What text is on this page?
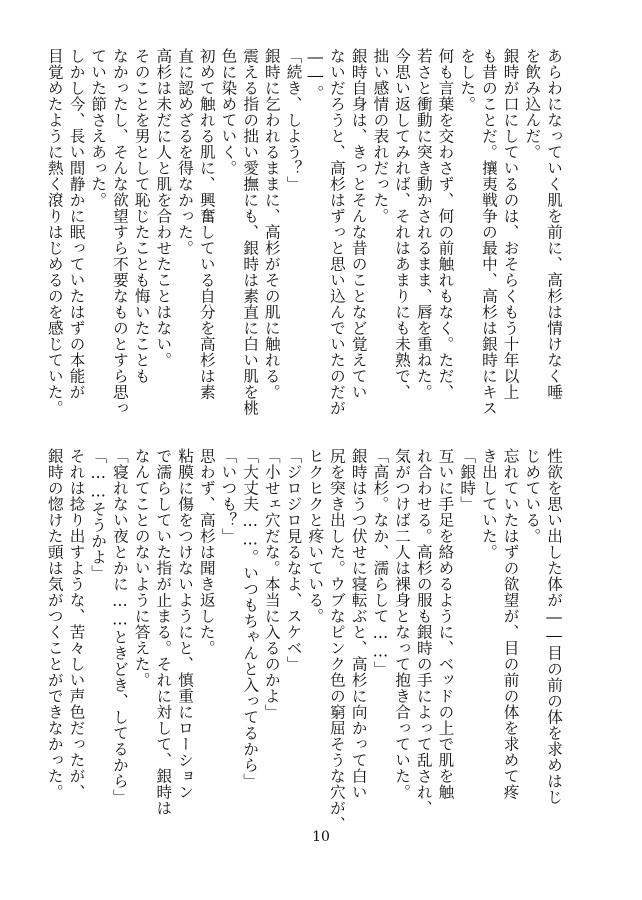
あらわになっていく肌を前に、高杉は情けなく唾
を飲み込んだ。
銀時が口にしているのは、おそらくもう十年以上
も昔のことだ。攘夷戦争の最中、高杉は銀時にキス
をした。
何も言葉を交わさず、何の前触れもなく。ただ、
若さと衝動に突き動かされるまま、唇を重ねた。
今思い返してみれば、それはあまりにも未熟で、
拙い感情の表れだった。
銀時自身は、きっとそんな昔のことなど覚えてい
ないだろうと、高杉はずっと思い込んでいたのだが
――。
「続き、しよう？」
銀時に乞われるままに、高杉がその肌に触れる。
震える指の拙い愛撫にも、銀時は素直に白い肌を桃
色に染めていく。
初めて触れる肌に、興奮している自分を高杉は素
直に認めざるを得なかった。
高杉は未だに人と肌を合わせたことはない。
そのことを男として恥じたことも悔いたことも
なかったし、そんな欲望すら不要なものとすら思っ
ていた節さえあった。
しかし今、長い間静かに眠っていたはずの本能が
目覚めたように熱く滾りはじめるのを感じていた。
性欲を思い出した体が――目の前の体を求めはじ
じめている。
忘れていたはずの欲望が、目の前の体を求めて疼
き出していた。
「銀時」
互いに手足を絡めるように、ベッドの上で肌を触
れ合わせる。高杉の服も銀時の手によって乱され、
気がつけば二人は裸身となって抱き合っていた。
「高杉。なか、濡らして……」
銀時はうつ伏せに寝転ぶと、高杉に向かって白い
尻を突き出した。ウブなピンク色の窮屈そうな穴が、
ヒクヒクと疼いている。
「ジロジロ見るなよ、スケベ」
「小せェ穴だな。本当に入るのかよ」
「大丈夫……。いつもちゃんと入ってるから」
「いつも？」
思わず、高杉は聞き返した。
粘膜に傷をつけないようにと、慎重にローション
で濡らしていた指が止まる。それに対して、銀時は
なんてことのないように答えた。
「寝れない夜とかに……ときどき、してるから」
「……そうかよ」
それは捻り出すような、苦々しい声色だったが、
銀時の惚けた頭は気がつくことができなかった。
10
